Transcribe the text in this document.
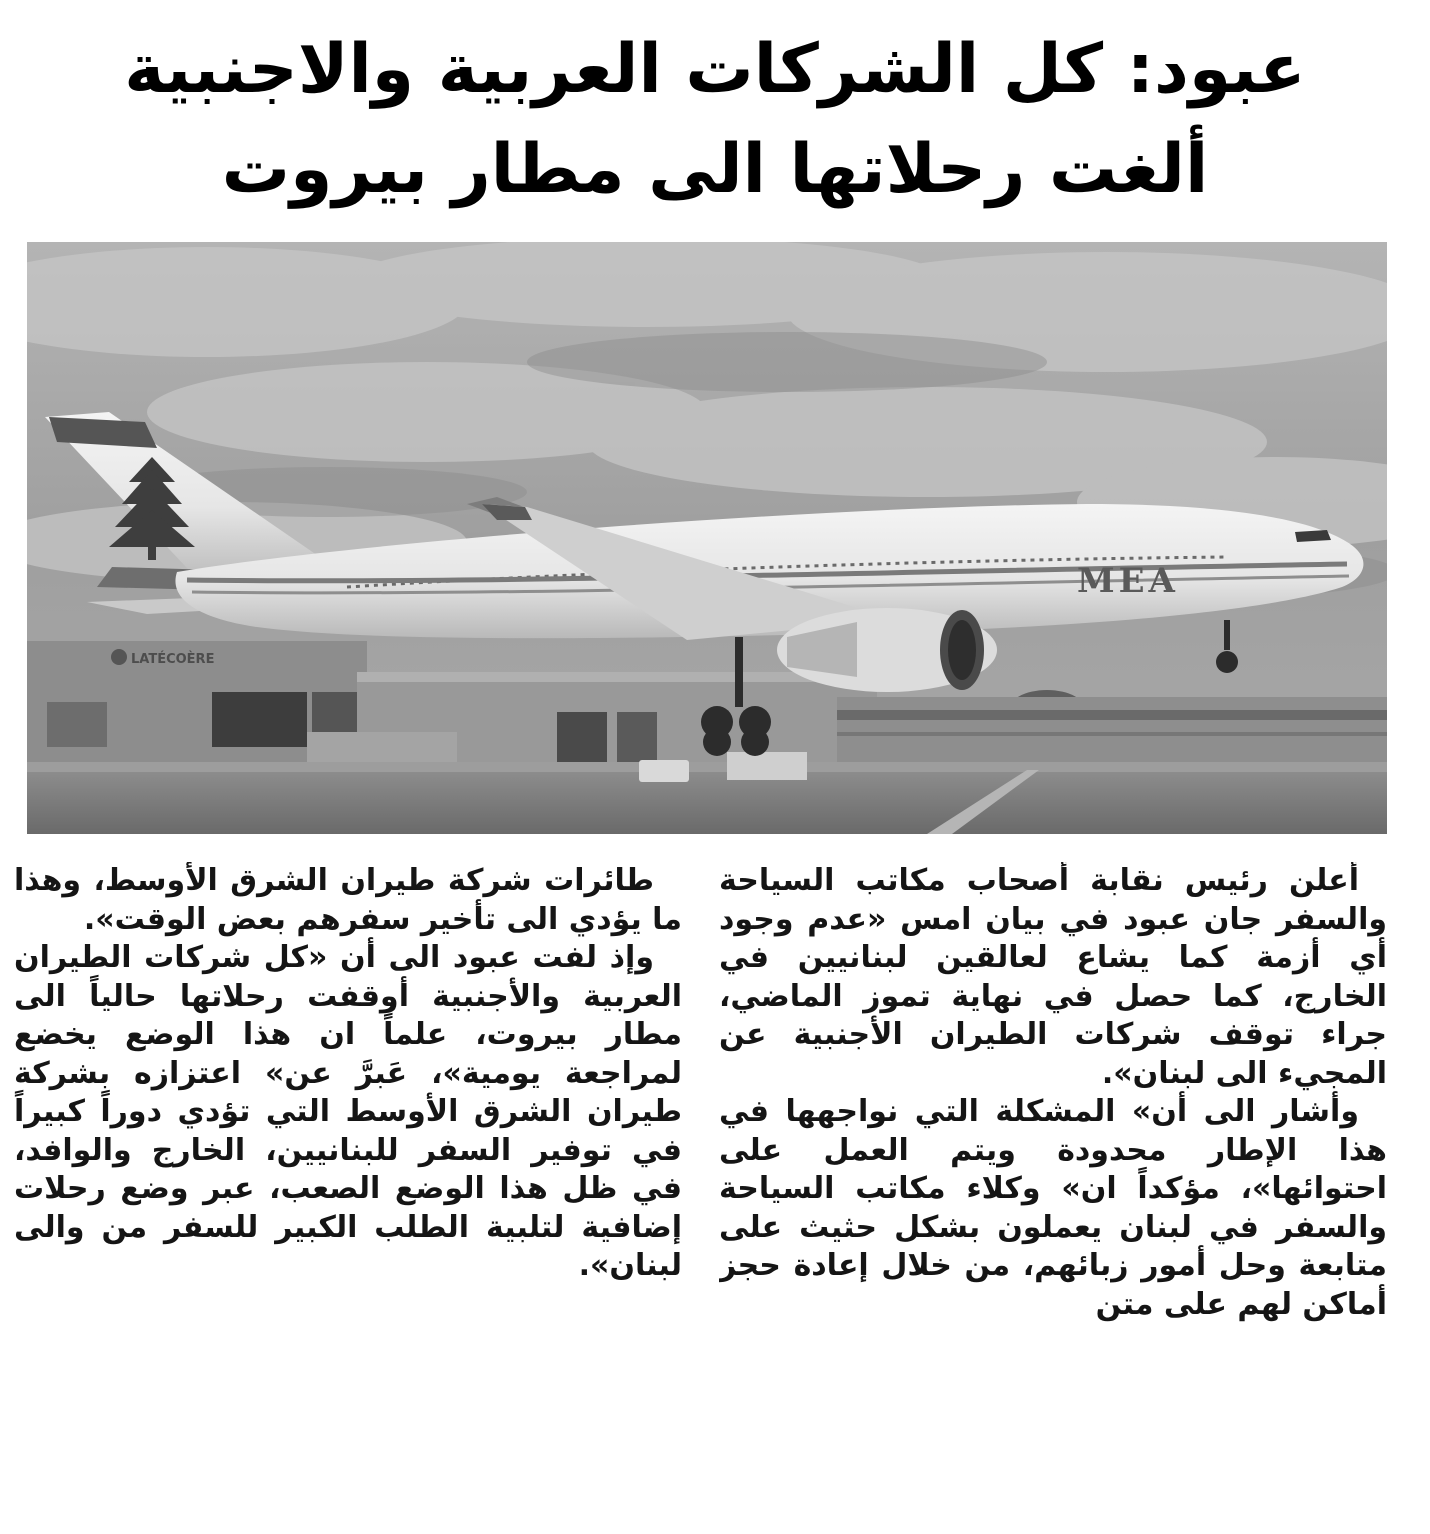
عبود: كل الشركات العربية والاجنبية
ألغت رحلاتها الى مطار بيروت
LATÉCOÈRE
MEA

أعلن رئيس نقابة أصحاب مكاتب السياحة والسفر جان عبود في بيان امس «عدم وجود أي أزمة كما يشاع لعالقين لبنانيين في الخارج، كما حصل في نهاية تموز الماضي، جراء توقف شركات الطيران الأجنبية عن المجيء الى لبنان».

وأشار الى أن» المشكلة التي نواجهها في هذا الإطار محدودة ويتم العمل على احتوائها»، مؤكداً ان» وكلاء مكاتب السياحة والسفر في لبنان يعملون بشكل حثيث على متابعة وحل أمور زبائهم، من خلال إعادة حجز أماكن لهم على متن

طائرات شركة طيران الشرق الأوسط، وهذا ما يؤدي الى تأخير سفرهم بعض الوقت».

وإذ لفت عبود الى أن «كل شركات الطيران العربية والأجنبية أوقفت رحلاتها حالياً الى مطار بيروت، علماً ان هذا الوضع يخضع لمراجعة يومية»، عَبرَّ عن» اعتزازه بشركة طيران الشرق الأوسط التي تؤدي دوراً كبيراً في توفير السفر للبنانيين، الخارج والوافد، في ظل هذا الوضع الصعب، عبر وضع رحلات إضافية لتلبية الطلب الكبير للسفر من والى لبنان».
